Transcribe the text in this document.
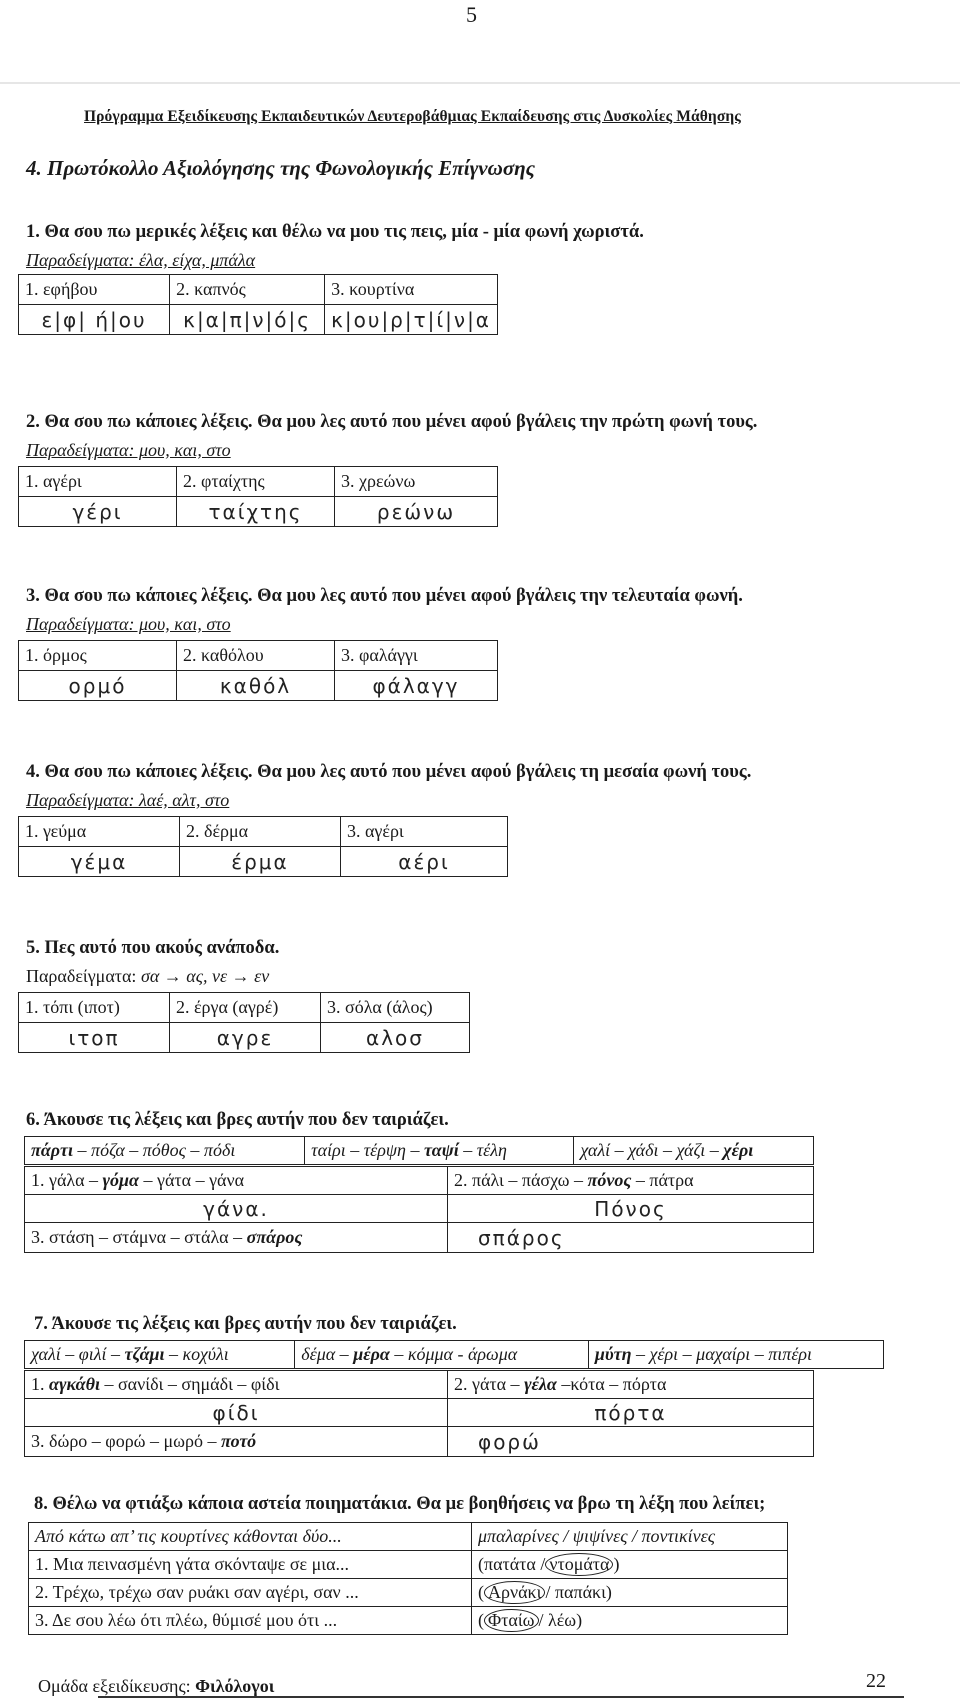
5
Πρόγραμμα Εξειδίκευσης Εκπαιδευτικών Δευτεροβάθμιας Εκπαίδευσης στις Δυσκολίες Μάθησης
4. Πρωτόκολλο Αξιολόγησης της Φωνολογικής Επίγνωσης
1. Θα σου πω μερικές λέξεις και θέλω να μου τις πεις, μία - μία φωνή χωριστά.
Παραδείγματα: έλα, είχα, μπάλα
1. εφήβου	2. καπνός	3. κουρτίνα
ε|φ| ή|ου	κ|α|π|ν|ό|ς	κ|ου|ρ|τ|ί|ν|α
2. Θα σου πω κάποιες λέξεις. Θα μου λες αυτό που μένει αφού βγάλεις την πρώτη φωνή τους.
Παραδείγματα: μου, και, στο
1. αγέρι	2. φταίχτης	3. χρεώνω
γέρι	ταίχτης	ρεώνω
3. Θα σου πω κάποιες λέξεις. Θα μου λες αυτό που μένει αφού βγάλεις την τελευταία φωνή.
Παραδείγματα: μου, και, στο
1. όρμος	2. καθόλου	3. φαλάγγι
ορμό	καθόλ	φάλαγγ
4. Θα σου πω κάποιες λέξεις. Θα μου λες αυτό που μένει αφού βγάλεις τη μεσαία φωνή τους.
Παραδείγματα: λαέ, αλτ, στο
1. γεύμα	2. δέρμα	3. αγέρι
γέμα	έρμα	αέρι
5. Πες αυτό που ακούς ανάποδα.
Παραδείγματα: σα → ας, νε → εν
1. τόπι (ιποτ)	2. έργα (αγρέ)	3. σόλα (άλος)
ιτοπ	αγρε	αλοσ
6. Άκουσε τις λέξεις και βρες αυτήν που δεν ταιριάζει.
πάρτι – πόζα – πόθος – πόδι	ταίρι – τέρψη – ταψί – τέλη	χαλί – χάδι – χάζι – χέρι
1. γάλα – γόμα – γάτα – γάνα	2. πάλι – πάσχω – πόνος – πάτρα
γάνα.	Πόνος
3. στάση – στάμνα – στάλα – σπάρος	σπάρος
7. Άκουσε τις λέξεις και βρες αυτήν που δεν ταιριάζει.
χαλί – φιλί – τζάμι – κοχύλι	δέμα – μέρα – κόμμα - άρωμα	μύτη – χέρι – μαχαίρι – πιπέρι
1. αγκάθι – σανίδι – σημάδι – φίδι	2. γάτα – γέλα –κότα – πόρτα
φίδι	πόρτα
3. δώρο – φορώ – μωρό – ποτό	φορώ
8. Θέλω να φτιάξω κάποια αστεία ποιηματάκια. Θα με βοηθήσεις να βρω τη λέξη που λείπει;
Από κάτω απ’ τις κουρτίνες κάθονται δύο...	μπαλαρίνες / ψιψίνες / ποντικίνες
1. Μια πεινασμένη γάτα σκόνταψε σε μια...	(πατάτα / ντομάτα )
2. Τρέχω, τρέχω σαν ρυάκι σαν αγέρι, σαν ...	( Αρνάκι / παπάκι)
3. Δε σου λέω ότι πλέω, θύμισέ μου ότι ...	( Φταίω / λέω)
Ομάδα εξειδίκευσης: Φιλόλογοι	22
